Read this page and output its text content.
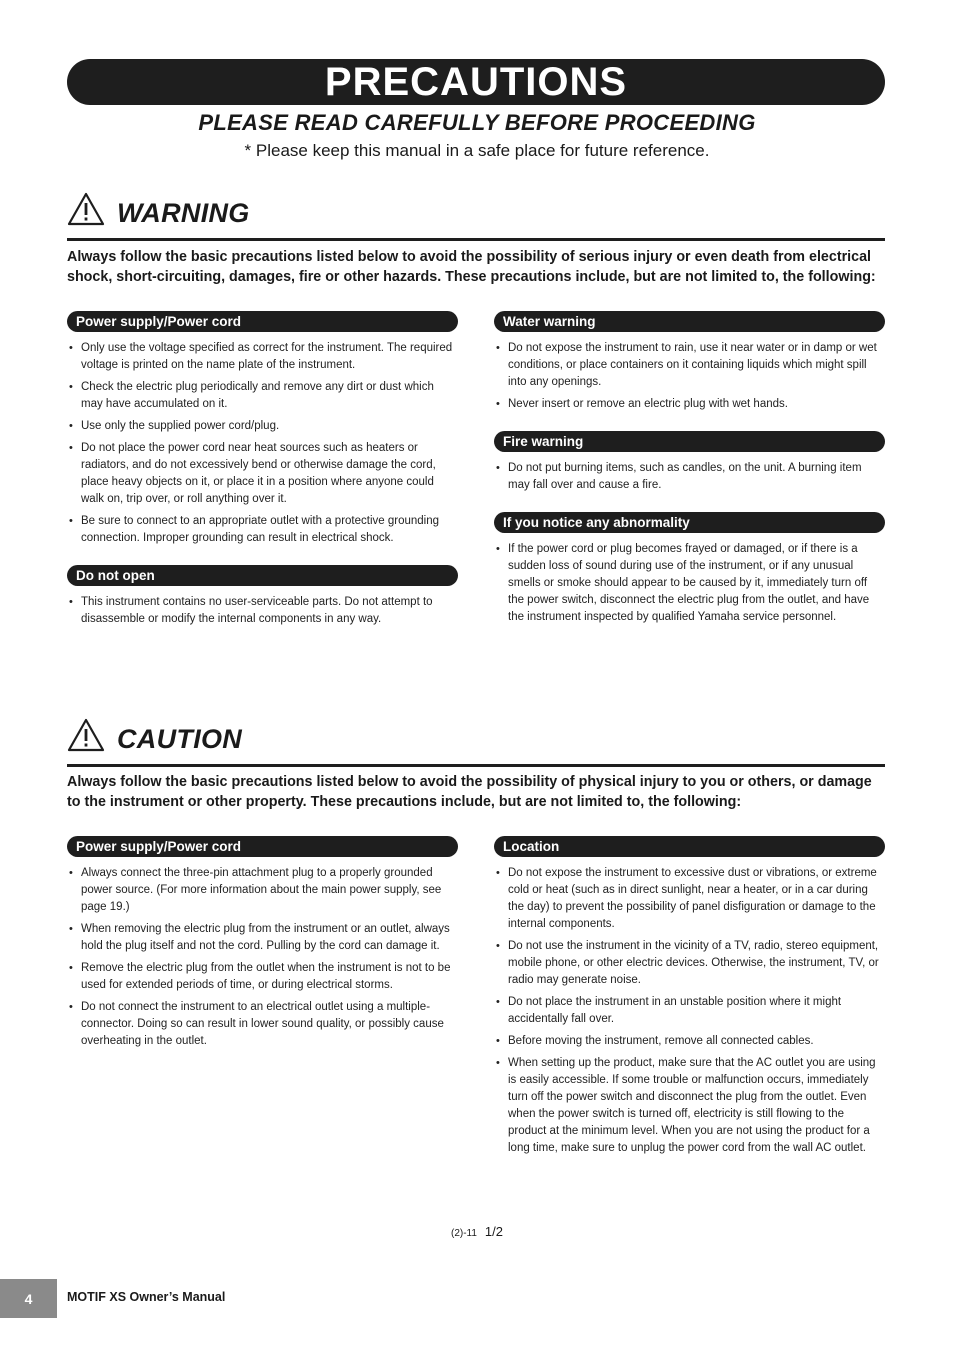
PRECAUTIONS
PLEASE READ CAREFULLY BEFORE PROCEEDING
* Please keep this manual in a safe place for future reference.
WARNING
Always follow the basic precautions listed below to avoid the possibility of serious injury or even death from electrical shock, short-circuiting, damages, fire or other hazards. These precautions include, but are not limited to, the following:
Power supply/Power cord
• Only use the voltage specified as correct for the instrument. The required voltage is printed on the name plate of the instrument.
• Check the electric plug periodically and remove any dirt or dust which may have accumulated on it.
• Use only the supplied power cord/plug.
• Do not place the power cord near heat sources such as heaters or radiators, and do not excessively bend or otherwise damage the cord, place heavy objects on it, or place it in a position where anyone could walk on, trip over, or roll anything over it.
• Be sure to connect to an appropriate outlet with a protective grounding connection. Improper grounding can result in electrical shock.
Do not open
• This instrument contains no user-serviceable parts. Do not attempt to disassemble or modify the internal components in any way.
Water warning
• Do not expose the instrument to rain, use it near water or in damp or wet conditions, or place containers on it containing liquids which might spill into any openings.
• Never insert or remove an electric plug with wet hands.
Fire warning
• Do not put burning items, such as candles, on the unit. A burning item may fall over and cause a fire.
If you notice any abnormality
• If the power cord or plug becomes frayed or damaged, or if there is a sudden loss of sound during use of the instrument, or if any unusual smells or smoke should appear to be caused by it, immediately turn off the power switch, disconnect the electric plug from the outlet, and have the instrument inspected by qualified Yamaha service personnel.
CAUTION
Always follow the basic precautions listed below to avoid the possibility of physical injury to you or others, or damage to the instrument or other property. These precautions include, but are not limited to, the following:
Power supply/Power cord
• Always connect the three-pin attachment plug to a properly grounded power source. (For more information about the main power supply, see page 19.)
• When removing the electric plug from the instrument or an outlet, always hold the plug itself and not the cord. Pulling by the cord can damage it.
• Remove the electric plug from the outlet when the instrument is not to be used for extended periods of time, or during electrical storms.
• Do not connect the instrument to an electrical outlet using a multiple-connector. Doing so can result in lower sound quality, or possibly cause overheating in the outlet.
Location
• Do not expose the instrument to excessive dust or vibrations, or extreme cold or heat (such as in direct sunlight, near a heater, or in a car during the day) to prevent the possibility of panel disfiguration or damage to the internal components.
• Do not use the instrument in the vicinity of a TV, radio, stereo equipment, mobile phone, or other electric devices. Otherwise, the instrument, TV, or radio may generate noise.
• Do not place the instrument in an unstable position where it might accidentally fall over.
• Before moving the instrument, remove all connected cables.
• When setting up the product, make sure that the AC outlet you are using is easily accessible. If some trouble or malfunction occurs, immediately turn off the power switch and disconnect the plug from the outlet. Even when the power switch is turned off, electricity is still flowing to the product at the minimum level. When you are not using the product for a long time, make sure to unplug the power cord from the wall AC outlet.
(2)-11 1/2
4	MOTIF XS Owner’s Manual
